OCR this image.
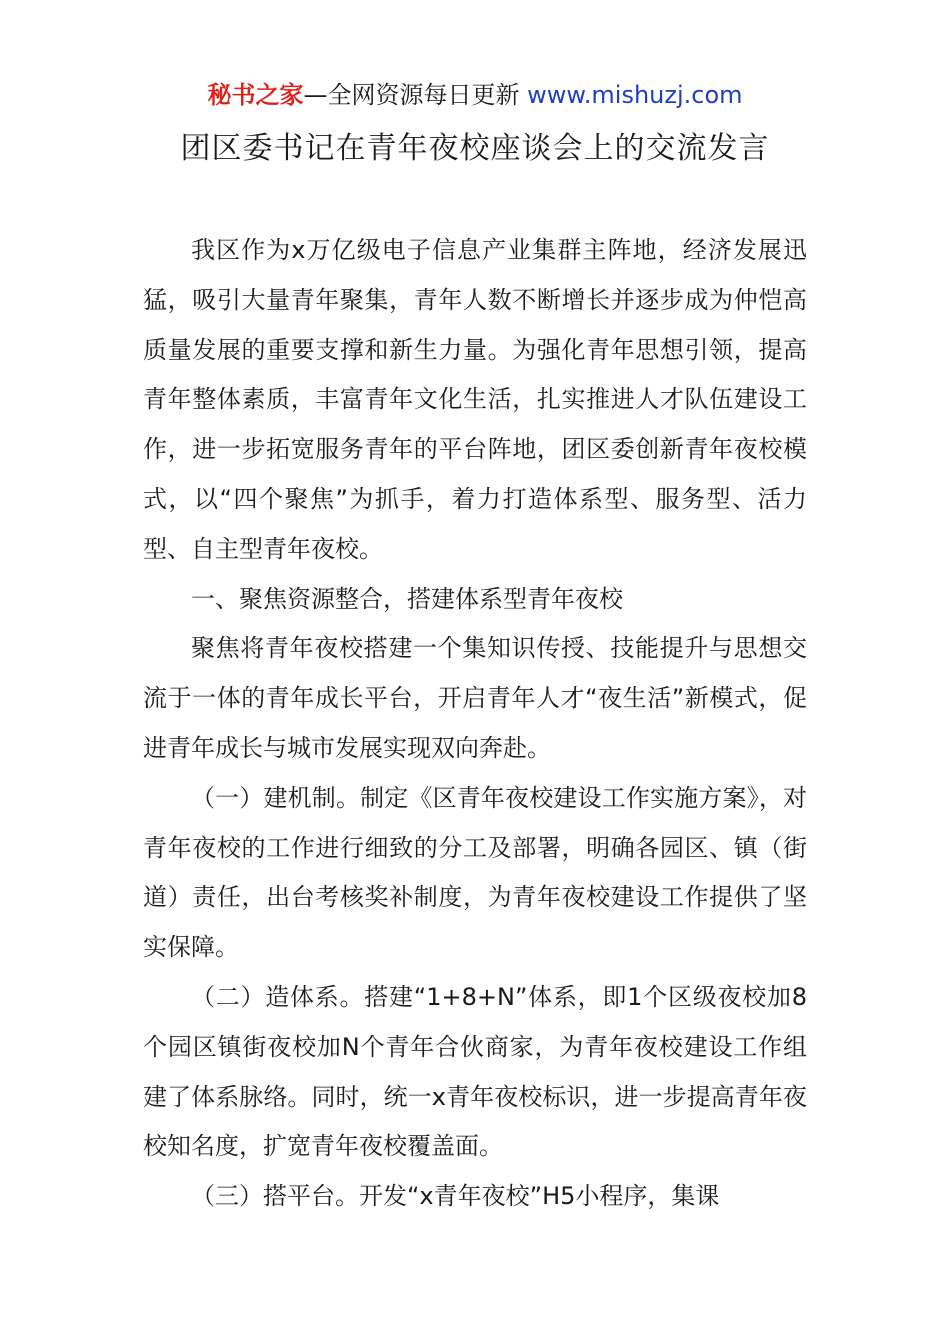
秘书之家—全网资源每日更新 www.mishuzj.com
团区委书记在青年夜校座谈会上的交流发言

我区作为x万亿级电子信息产业集群主阵地，经济发展迅猛，吸引大量青年聚集，青年人数不断增长并逐步成为仲恺高质量发展的重要支撑和新生力量。为强化青年思想引领，提高青年整体素质，丰富青年文化生活，扎实推进人才队伍建设工作，进一步拓宽服务青年的平台阵地，团区委创新青年夜校模式，以“四个聚焦”为抓手，着力打造体系型、服务型、活力型、自主型青年夜校。

一、聚焦资源整合，搭建体系型青年夜校

聚焦将青年夜校搭建一个集知识传授、技能提升与思想交流于一体的青年成长平台，开启青年人才“夜生活”新模式，促进青年成长与城市发展实现双向奔赴。

（一）建机制。制定《区青年夜校建设工作实施方案》，对青年夜校的工作进行细致的分工及部署，明确各园区、镇（街道）责任，出台考核奖补制度，为青年夜校建设工作提供了坚实保障。

（二）造体系。搭建“1+8+N”体系，即1个区级夜校加8个园区镇街夜校加N个青年合伙商家，为青年夜校建设工作组建了体系脉络。同时，统一x青年夜校标识，进一步提高青年夜校知名度，扩宽青年夜校覆盖面。

（三）搭平台。开发“x青年夜校”H5小程序，集课
